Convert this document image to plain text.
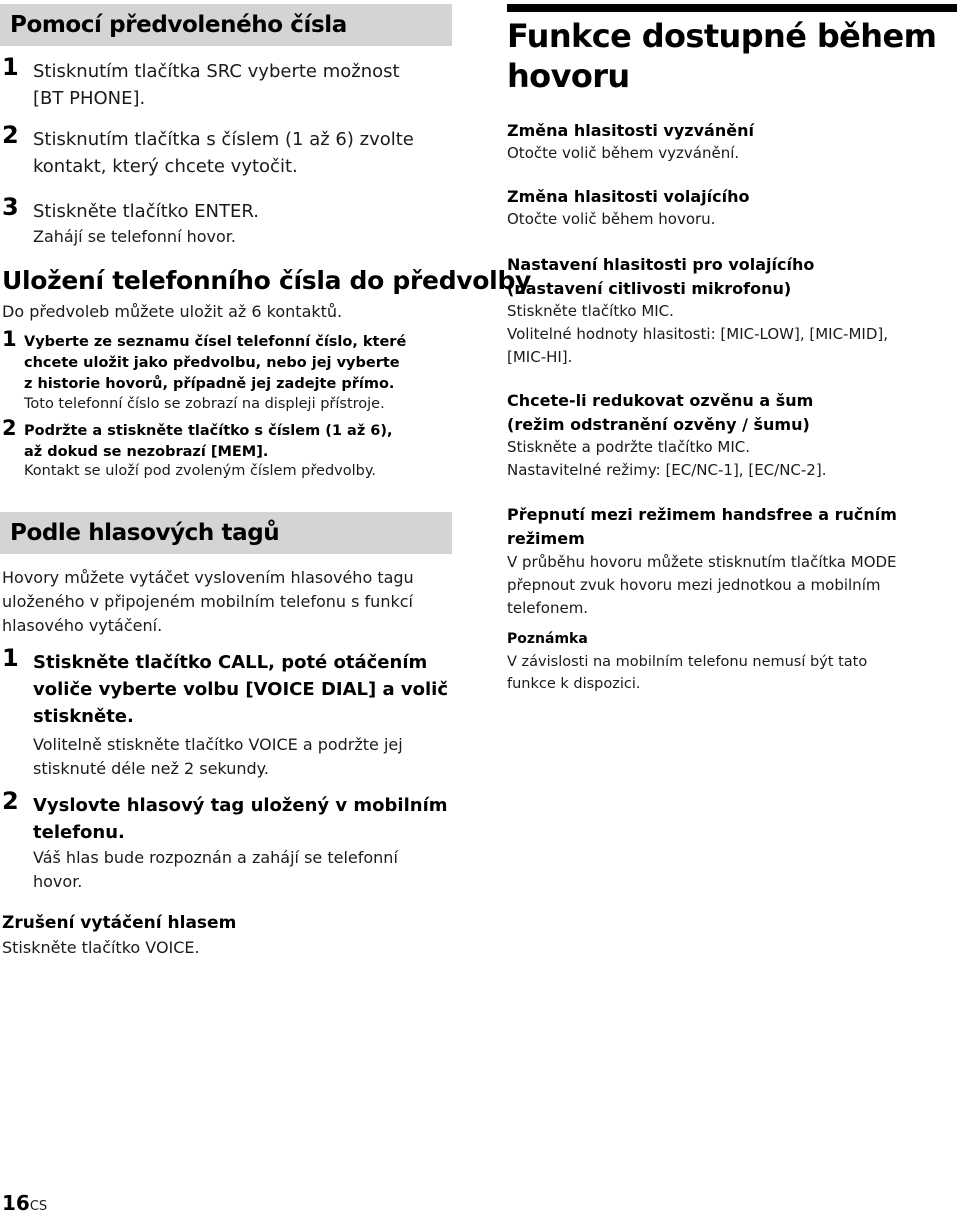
Pomocí předvoleného čísla
1 Stisknutím tlačítka SRC vyberte možnost
[BT PHONE].
2 Stisknutím tlačítka s číslem (1 až 6) zvolte
kontakt, který chcete vytočit.
3 Stiskněte tlačítko ENTER.
Zahájí se telefonní hovor.
Uložení telefonního čísla do předvolby
Do předvoleb můžete uložit až 6 kontaktů.
1 Vyberte ze seznamu čísel telefonní číslo, které
chcete uložit jako předvolbu, nebo jej vyberte
z historie hovorů, případně jej zadejte přímo.
Toto telefonní číslo se zobrazí na displeji přístroje.
2 Podržte a stiskněte tlačítko s číslem (1 až 6),
až dokud se nezobrazí [MEM].
Kontakt se uloží pod zvoleným číslem předvolby.
Podle hlasových tagů
Hovory můžete vytáčet vyslovením hlasového tagu
uloženého v připojeném mobilním telefonu s funkcí
hlasového vytáčení.
1 Stiskněte tlačítko CALL, poté otáčením
voliče vyberte volbu [VOICE DIAL] a volič
stiskněte.
Volitelně stiskněte tlačítko VOICE a podržte jej
stisknuté déle než 2 sekundy.
2 Vyslovte hlasový tag uložený v mobilním
telefonu.
Váš hlas bude rozpoznán a zahájí se telefonní
hovor.
Zrušení vytáčení hlasem
Stiskněte tlačítko VOICE.
Funkce dostupné během
hovoru
Změna hlasitosti vyzvánění
Otočte volič během vyzvánění.
Změna hlasitosti volajícího
Otočte volič během hovoru.
Nastavení hlasitosti pro volajícího
(nastavení citlivosti mikrofonu)
Stiskněte tlačítko MIC.
Volitelné hodnoty hlasitosti: [MIC-LOW], [MIC-MID],
[MIC-HI].
Chcete-li redukovat ozvěnu a šum
(režim odstranění ozvěny / šumu)
Stiskněte a podržte tlačítko MIC.
Nastavitelné režimy: [EC/NC-1], [EC/NC-2].
Přepnutí mezi režimem handsfree a ručním
režimem
V průběhu hovoru můžete stisknutím tlačítka MODE
přepnout zvuk hovoru mezi jednotkou a mobilním
telefonem.
Poznámka
V závislosti na mobilním telefonu nemusí být tato
funkce k dispozici.
16CS
